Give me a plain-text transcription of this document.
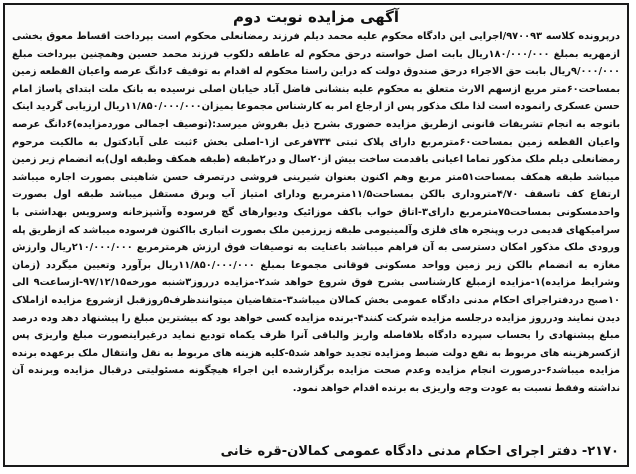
آگهی مزایده نوبت دوم

درپرونده کلاسه ۹۷۰۰۹۳/اجرایی این دادگاه محکوم علیه محمد دیلم فرزند رمضانعلی محکوم است بپرداخت اقساط معوق بخشی ازمهریه بمبلغ ۱۸۰/۰۰۰/۰۰۰ریال بابت اصل خواسته درحق محکوم له عاطفه دلکوب فرزند محمد حسین وهمچنین بپرداخت مبلغ ۹/۰۰۰/۰۰۰ریال بابت حق الاجراء درحق صندوق دولت که دراین راستا محکوم له اقدام به توقیف ۶دانگ عرصه واعیان القطعه زمین بمساحت۶۰متر مربع ازسهم الارث متعلق به محکوم علیه بنشانی فاضل آباد خیابان اصلی نرسیده به بانک ملت ابتدای پاساژ امام حسن عسکری رانموده است لذا ملک مذکور پس از ارجاع امر به کارشناس مجموعا بمیزان۱۱/۸۵۰/۰۰۰/۰۰۰ریال ارزیابی گردید اینک باتوجه به انجام تشریفات قانونی ازطریق مزایده حضوری بشرح ذیل بفروش میرسد:(توصیف اجمالی موردمزایده)۶دانگ عرصه واعیان القطعه زمین بمساحت۶۰مترمربع دارای پلاک ثبتی ۷۳۴فرعی از۱-اصلی بخش ۶ثبت علی آبادکتول به مالکیت مرحوم رمضانعلی دیلم ملک مذکور تماما اعیانی باقدمت ساخت بیش از۲۰سال و در۲طبقه (طبقه همکف وطبقه اول)به انضمام زیر زمین میباشد طبقه همکف بمساحت۵۱متر مربع وهم اکنون بعنوان شیرینی فروشی درتصرف حسن شاهینی بصورت اجاره میباشد ارتفاع کف تاسقف ۴/۷۰متروداری بالکن بمساحت۱۱/۵مترمربع ودارای امتیاز آب وبرق مستقل میباشد طبقه اول بصورت واحدمسکونی بمساحت۷۵مترمربع دارای۳-اتاق خواب باکف موزائیک ودیوارهای گچ فرسوده وآشپزخانه وسرویس بهداشتی با سرامیکهای قدیمی درب وپنجره های فلزی وآلمینیومی طبقه زیرزمین ملک بصورت انباری بااکنون فرسوده میباشد که ازطریق پله ورودی ملک مذکور امکان دسترسی به آن فراهم میباشد باعنایت به توصیفات فوق ارزش هرمترمربع ۲۱۰/۰۰۰/۰۰۰ریال وارزش مغازه به انضمام بالکن زیر زمین وواحد مسکونی فوقانی مجموعا بمبلغ ۱۱/۸۵۰/۰۰۰/۰۰۰ریال برآورد وتعیین میگردد (زمان وشرایط مزایده)۱-مزایده ازمبلغ کارشناسی بشرح فوق شروع خواهد شد۲-مزایده درروز۳شنبه مورخه۹۷/۱۲/۱۵-ازساعت۹ الی ۱۰صبح دردفتراجرای احکام مدنی دادگاه عمومی بخش کمالان میباشد۳-متقاضیان میتوانندظرف۵روزقبل ازشروع مزایده ازاملاک دیدن نمایند ودرروز مزایده درجلسه مزایده شرکت کنند۴-برنده مزایده کسی خواهد بود که بیشترین مبلغ را پیشنهاد دهد وده درصد مبلغ پیشنهادی را بحساب سپرده دادگاه بلافاصله واریز والباقی آنرا ظرف یکماه تودیع نماید درغیراینصورت مبلغ واریزی پس ازکسرهزینه های مربوط به نفع دولت ضبط ومزایده تجدید خواهد شد۵-کلیه هزینه های مربوط به نقل وانتقال ملک برعهده برنده مزایده میباشد۶-درصورت انجام مزایده وعدم صحت مزایده برگزارشده این اجراء هیچگونه مسئولیتی درقبال مزایده وبرنده آن نداشته وفقط نسبت به عودت وجه واریزی به برنده اقدام خواهد نمود.

۲۱۷۰- دفتر اجرای احکام مدنی دادگاه عمومی کمالان-قره خانی
